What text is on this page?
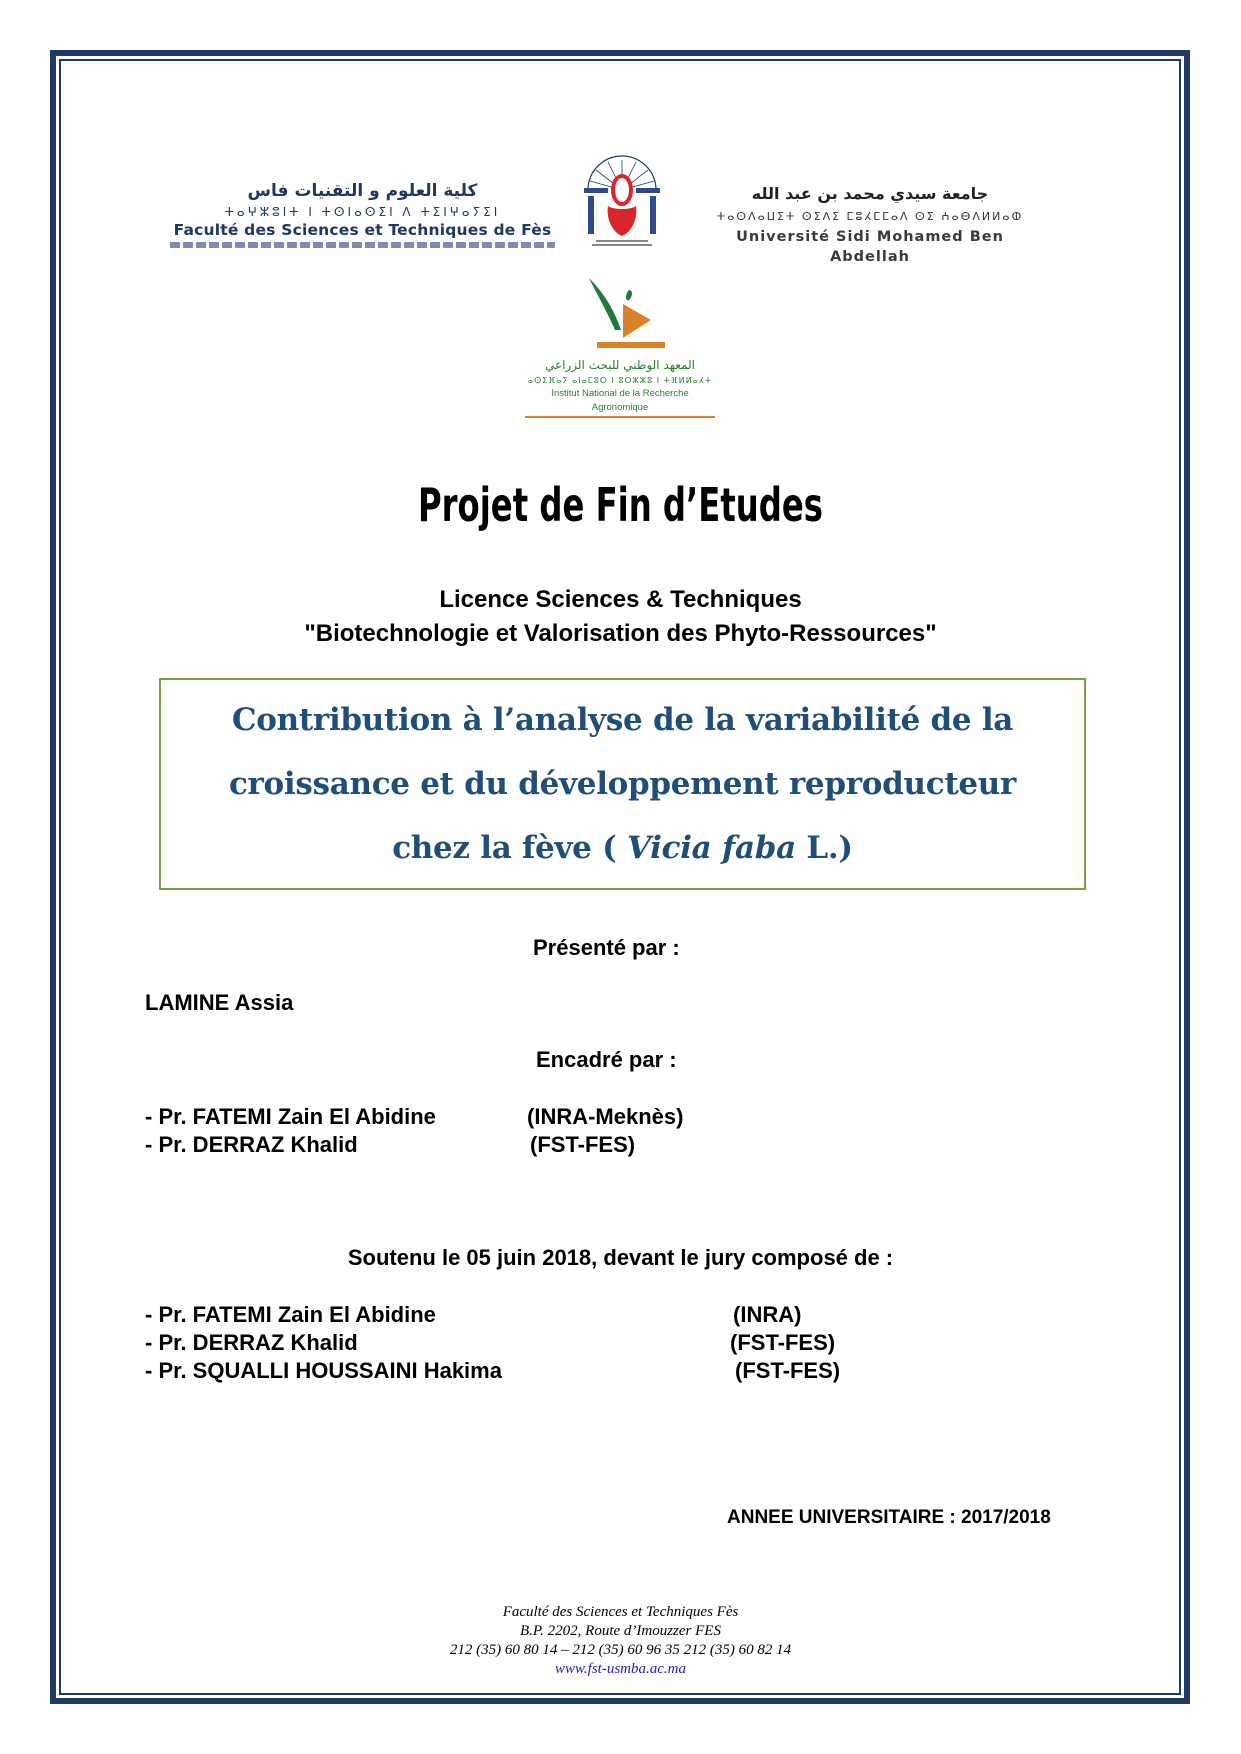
كلية العلوم و التقنيات فاس
ⵜⴰⵖⵣⵓⵏⵜ ⵏ ⵜⵙⵏⴰⵙⵉⵏ ⴷ ⵜⵉⵏⵖⴰⵢⵉⵏ
Faculté des Sciences et Techniques de Fès
جامعة سيدي محمد بن عبد الله
ⵜⴰⵙⴷⴰⵡⵉⵜ ⵙⵉⴷⵉ ⵎⵓⵃⵎⵎⴰⴷ ⵙⵉ ⵄⴰⴱⴷⵍⵍⴰⵀ
Université Sidi Mohamed Ben Abdellah
المعهد الوطني للبحث الزراعي
ⴰⵙⵉⴼⴰⵢ ⴰⵏⴰⵎⵓⵔ ⵏ ⵓⵔⵣⵣⵓ ⵏ ⵜⴼⵍⵍⴰⵃⵜ
Institut National de la Recherche Agronomique
Projet de Fin d’Etudes
Licence Sciences & Techniques
"Biotechnologie et Valorisation des Phyto-Ressources"
Contribution à l’analyse de la variabilité de la
croissance et du développement reproducteur
chez la fève ( Vicia faba L.)
Présenté par :
LAMINE Assia
Encadré par :
- Pr. FATEMI Zain El Abidine	(INRA-Meknès)
- Pr. DERRAZ Khalid	(FST-FES)
Soutenu le 05 juin 2018, devant le jury composé de :
- Pr. FATEMI Zain El Abidine	(INRA)
- Pr. DERRAZ Khalid	(FST-FES)
- Pr. SQUALLI HOUSSAINI Hakima	(FST-FES)
ANNEE UNIVERSITAIRE : 2017/2018
Faculté des Sciences et Techniques Fès
B.P. 2202, Route d’Imouzzer FES
212 (35) 60 80 14 – 212 (35) 60 96 35 212 (35) 60 82 14
www.fst-usmba.ac.ma
